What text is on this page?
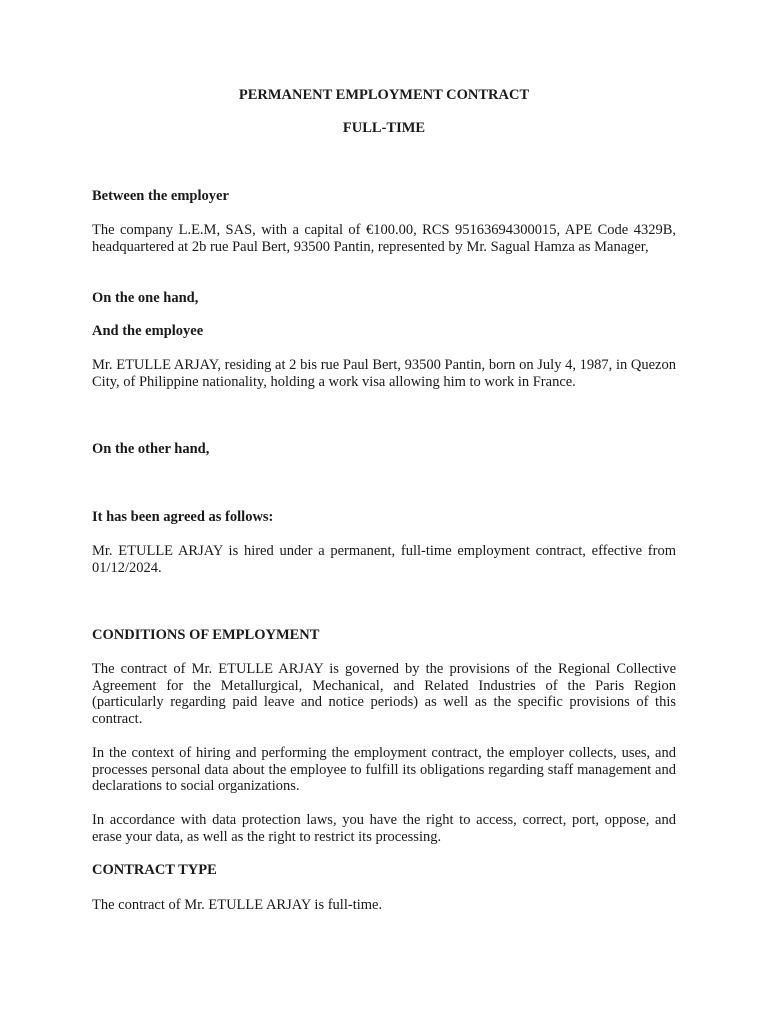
PERMANENT EMPLOYMENT CONTRACT
FULL-TIME
Between the employer
The company L.E.M, SAS, with a capital of €100.00, RCS 95163694300015, APE Code 4329B, headquartered at 2b rue Paul Bert, 93500 Pantin, represented by Mr. Sagual Hamza as Manager,
On the one hand,
And the employee
Mr. ETULLE ARJAY, residing at 2 bis rue Paul Bert, 93500 Pantin, born on July 4, 1987, in Quezon City, of Philippine nationality, holding a work visa allowing him to work in France.
On the other hand,
It has been agreed as follows:
Mr. ETULLE ARJAY is hired under a permanent, full-time employment contract, effective from 01/12/2024.
CONDITIONS OF EMPLOYMENT
The contract of Mr. ETULLE ARJAY is governed by the provisions of the Regional Collective Agreement for the Metallurgical, Mechanical, and Related Industries of the Paris Region (particularly regarding paid leave and notice periods) as well as the specific provisions of this contract.
In the context of hiring and performing the employment contract, the employer collects, uses, and processes personal data about the employee to fulfill its obligations regarding staff management and declarations to social organizations.
In accordance with data protection laws, you have the right to access, correct, port, oppose, and erase your data, as well as the right to restrict its processing.
CONTRACT TYPE
The contract of Mr. ETULLE ARJAY is full-time.
